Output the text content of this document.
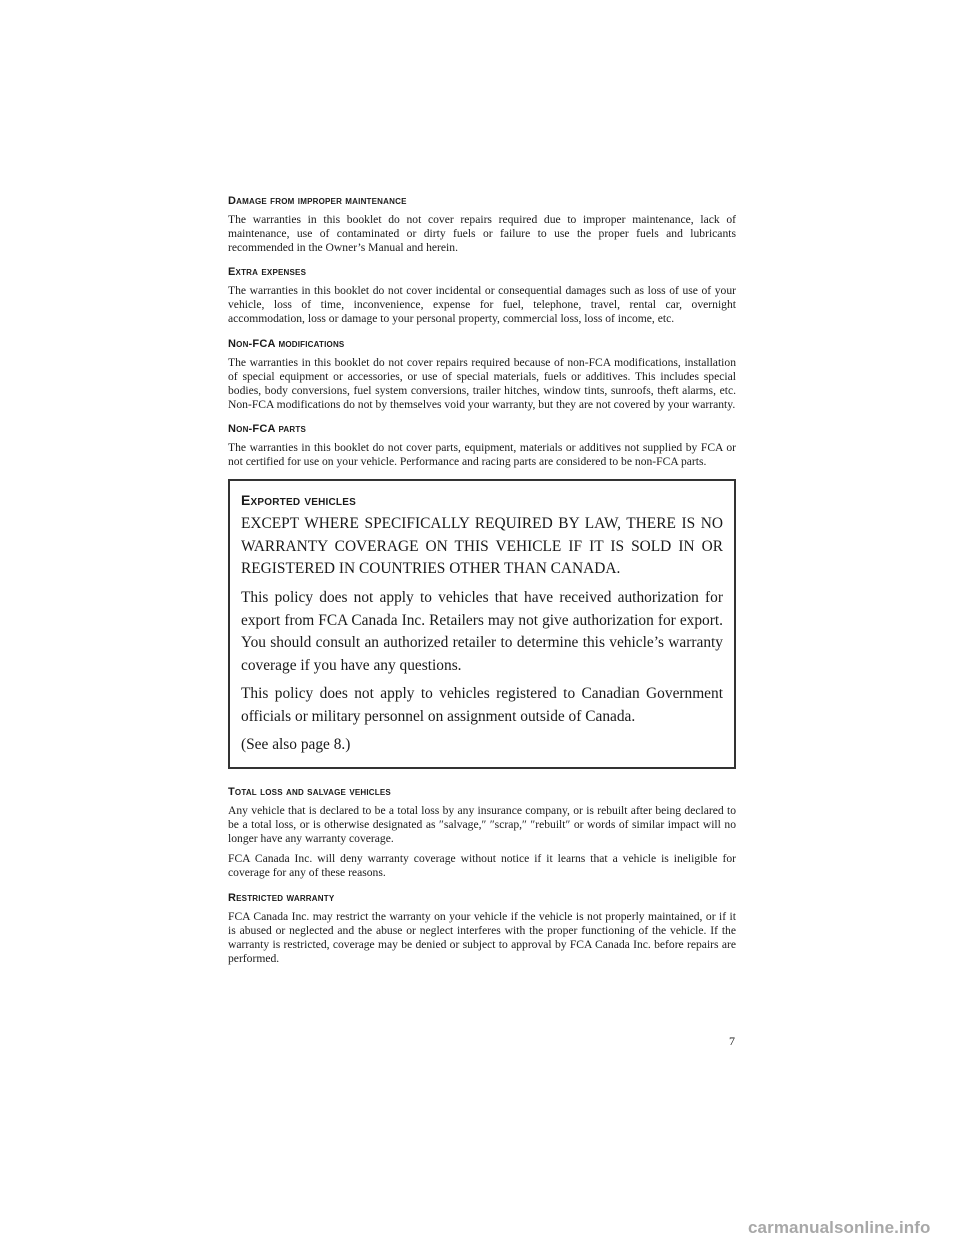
Damage from improper maintenance

The warranties in this booklet do not cover repairs required due to improper maintenance, lack of maintenance, use of contaminated or dirty fuels or failure to use the proper fuels and lubricants recommended in the Owner’s Manual and herein.

Extra expenses

The warranties in this booklet do not cover incidental or consequential damages such as loss of use of your vehicle, loss of time, inconvenience, expense for fuel, telephone, travel, rental car, overnight accommodation, loss or damage to your personal property, commercial loss, loss of income, etc.

Non-FCA modifications

The warranties in this booklet do not cover repairs required because of non-FCA modifications, installation of special equipment or accessories, or use of special materials, fuels or additives. This includes special bodies, body conversions, fuel system conversions, trailer hitches, window tints, sunroofs, theft alarms, etc. Non-FCA modifications do not by themselves void your warranty, but they are not covered by your warranty.

Non-FCA parts

The warranties in this booklet do not cover parts, equipment, materials or additives not supplied by FCA or not certified for use on your vehicle. Performance and racing parts are considered to be non-FCA parts.

Exported vehicles

EXCEPT WHERE SPECIFICALLY REQUIRED BY LAW, THERE IS NO WARRANTY COVERAGE ON THIS VEHICLE IF IT IS SOLD IN OR REGISTERED IN COUNTRIES OTHER THAN CANADA.

This policy does not apply to vehicles that have received authorization for export from FCA Canada Inc. Retailers may not give authorization for export. You should consult an authorized retailer to determine this vehicle’s warranty coverage if you have any questions.

This policy does not apply to vehicles registered to Canadian Government officials or military personnel on assignment outside of Canada.

(See also page 8.)

Total loss and salvage vehicles

Any vehicle that is declared to be a total loss by any insurance company, or is rebuilt after being declared to be a total loss, or is otherwise designated as ″salvage,″ ″scrap,″ ″rebuilt″ or words of similar impact will no longer have any warranty coverage.

FCA Canada Inc. will deny warranty coverage without notice if it learns that a vehicle is ineligible for coverage for any of these reasons.

Restricted warranty

FCA Canada Inc. may restrict the warranty on your vehicle if the vehicle is not properly maintained, or if it is abused or neglected and the abuse or neglect interferes with the proper functioning of the vehicle. If the warranty is restricted, coverage may be denied or subject to approval by FCA Canada Inc. before repairs are performed.

7
carmanualsonline.info
